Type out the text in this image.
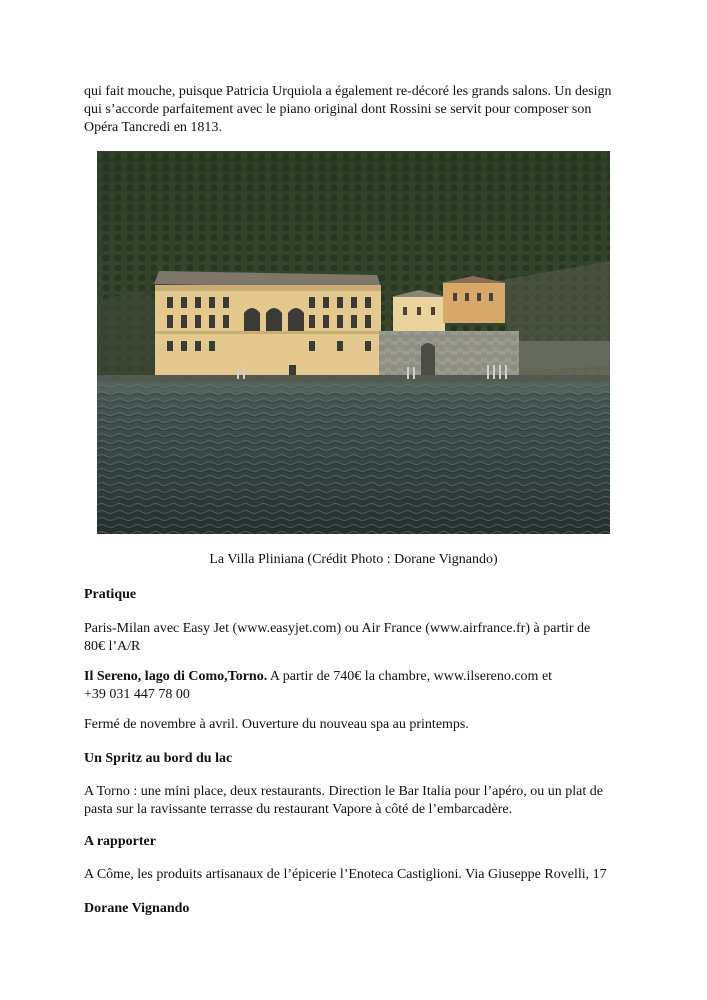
qui fait mouche, puisque Patricia Urquiola a également re-décoré les grands salons. Un design
qui s’accorde parfaitement avec le piano original dont Rossini se servit pour composer son
Opéra Tancredi en 1813.
La Villa Pliniana (Crédit Photo : Dorane Vignando)
Pratique
Paris-Milan avec Easy Jet (www.easyjet.com) ou Air France (www.airfrance.fr) à partir de
80€ l’A/R
Il Sereno, lago di Como,Torno. A partir de 740€ la chambre, www.ilsereno.com et
+39 031 447 78 00
Fermé de novembre à avril. Ouverture du nouveau spa au printemps.
Un Spritz au bord du lac
A Torno : une mini place, deux restaurants. Direction le Bar Italia pour l’apéro, ou un plat de
pasta sur la ravissante terrasse du restaurant Vapore à côté de l’embarcadère.
A rapporter
A Côme, les produits artisanaux de l’épicerie l’Enoteca Castiglioni. Via Giuseppe Rovelli, 17
Dorane Vignando
